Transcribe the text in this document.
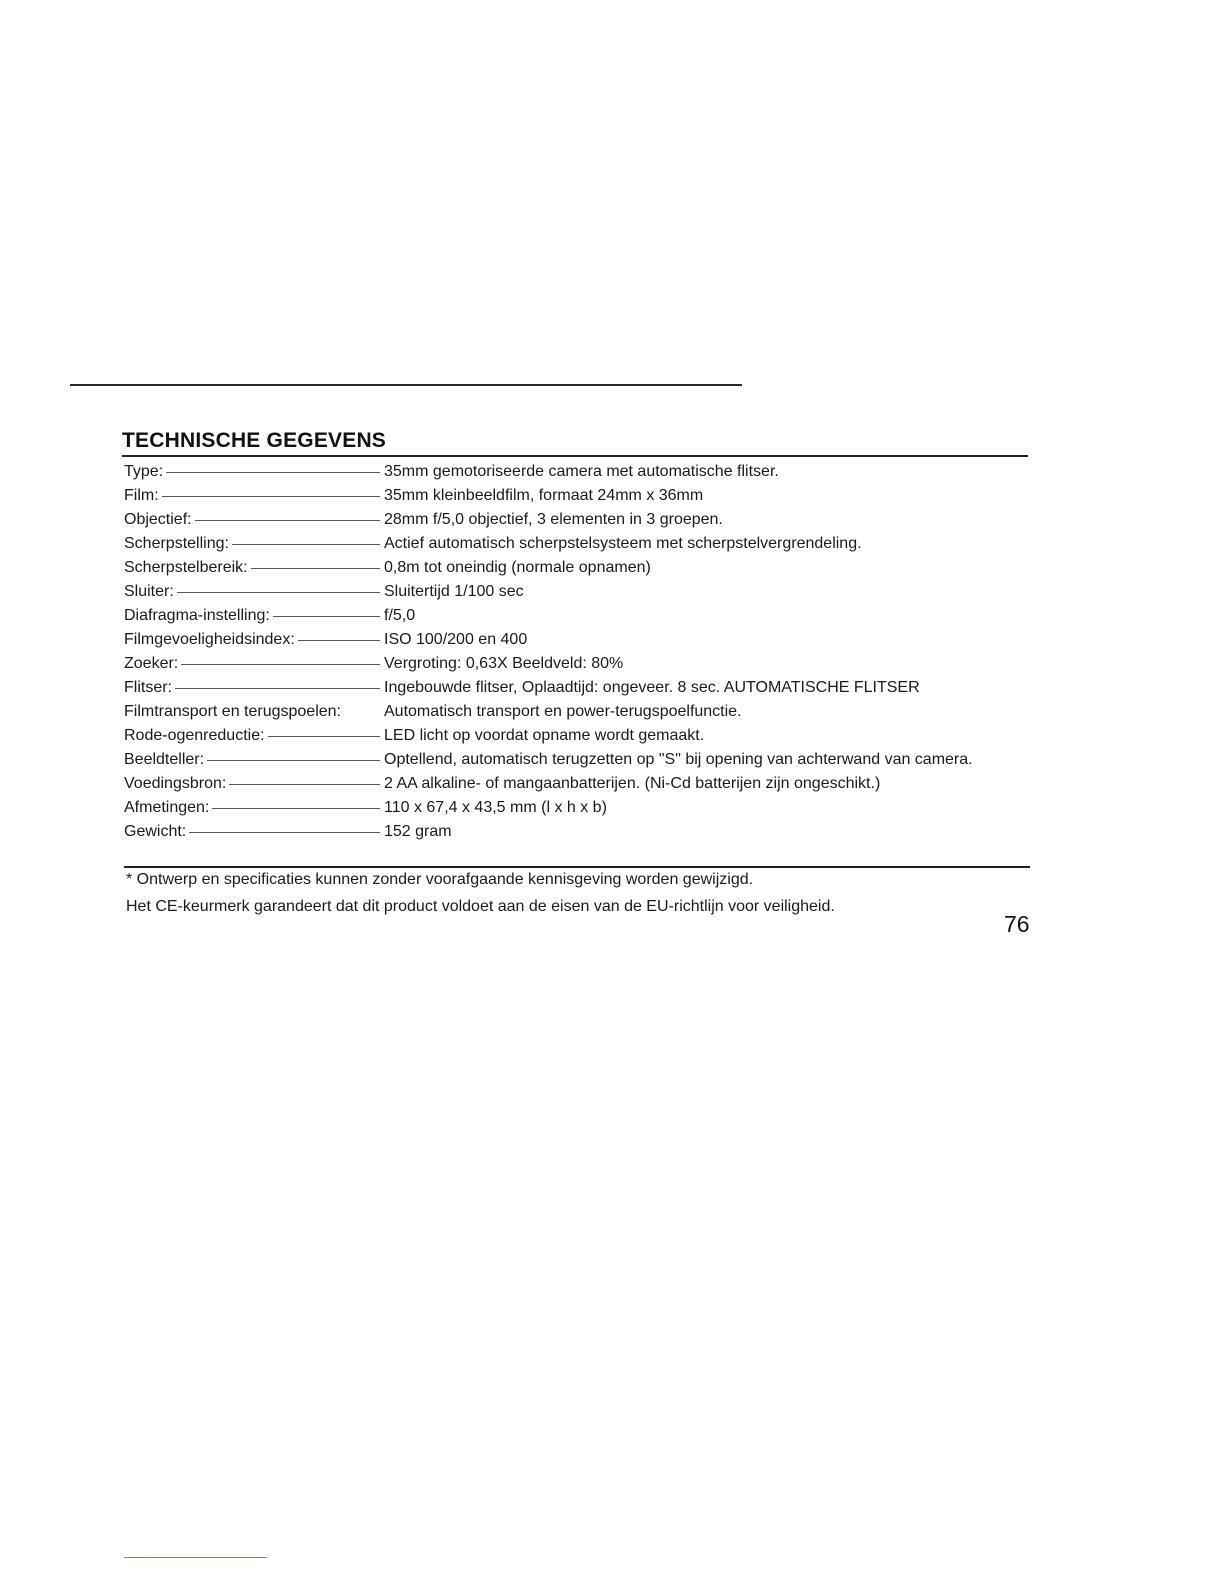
TECHNISCHE GEGEVENS
Type:	35mm gemotoriseerde camera met automatische flitser.
Film:	35mm kleinbeeldfilm, formaat 24mm x 36mm
Objectief:	28mm f/5,0 objectief, 3 elementen in 3 groepen.
Scherpstelling:	Actief automatisch scherpstelsysteem met scherpstelvergrendeling.
Scherpstelbereik:	0,8m tot oneindig (normale opnamen)
Sluiter:	Sluitertijd 1/100 sec
Diafragma-instelling:	f/5,0
Filmgevoeligheidsindex:	ISO 100/200 en 400
Zoeker:	Vergroting: 0,63X Beeldveld: 80%
Flitser:	Ingebouwde flitser, Oplaadtijd: ongeveer. 8 sec. AUTOMATISCHE FLITSER
Filmtransport en terugspoelen:	Automatisch transport en power-terugspoelfunctie.
Rode-ogenreductie:	LED licht op voordat opname wordt gemaakt.
Beeldteller:	Optellend, automatisch terugzetten op "S" bij opening van achterwand van camera.
Voedingsbron:	2 AA alkaline- of mangaanbatterijen. (Ni-Cd batterijen zijn ongeschikt.)
Afmetingen:	110 x 67,4 x 43,5 mm (l x h x b)
Gewicht:	152 gram

* Ontwerp en specificaties kunnen zonder voorafgaande kennisgeving worden gewijzigd.

Het CE-keurmerk garandeert dat dit product voldoet aan de eisen van de EU-richtlijn voor veiligheid.

76
